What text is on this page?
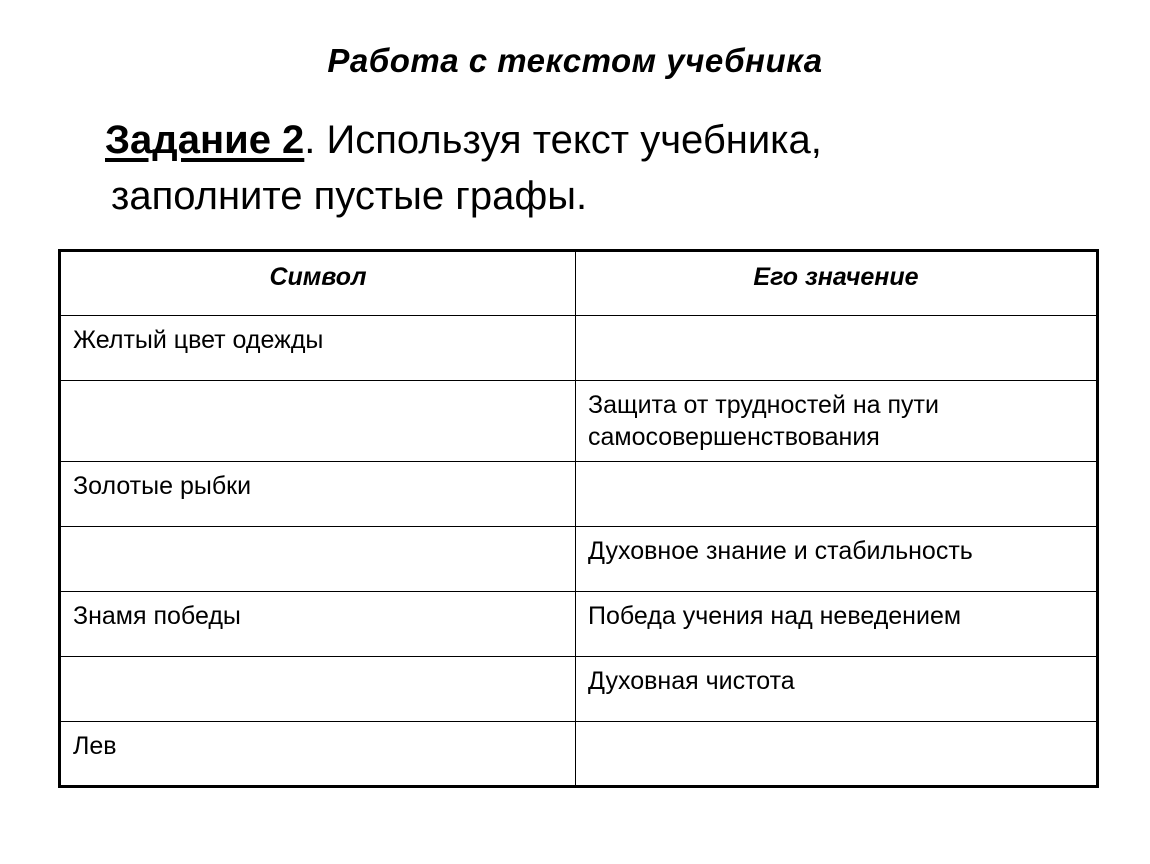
Работа с текстом учебника
Задание 2. Используя текст учебника,
заполните пустые графы.
Символ	Его значение
Желтый цвет одежды	
	Защита от трудностей на пути самосовершенствования
Золотые рыбки	
	Духовное знание и стабильность
Знамя победы	Победа учения над неведением
	Духовная чистота
Лев	
